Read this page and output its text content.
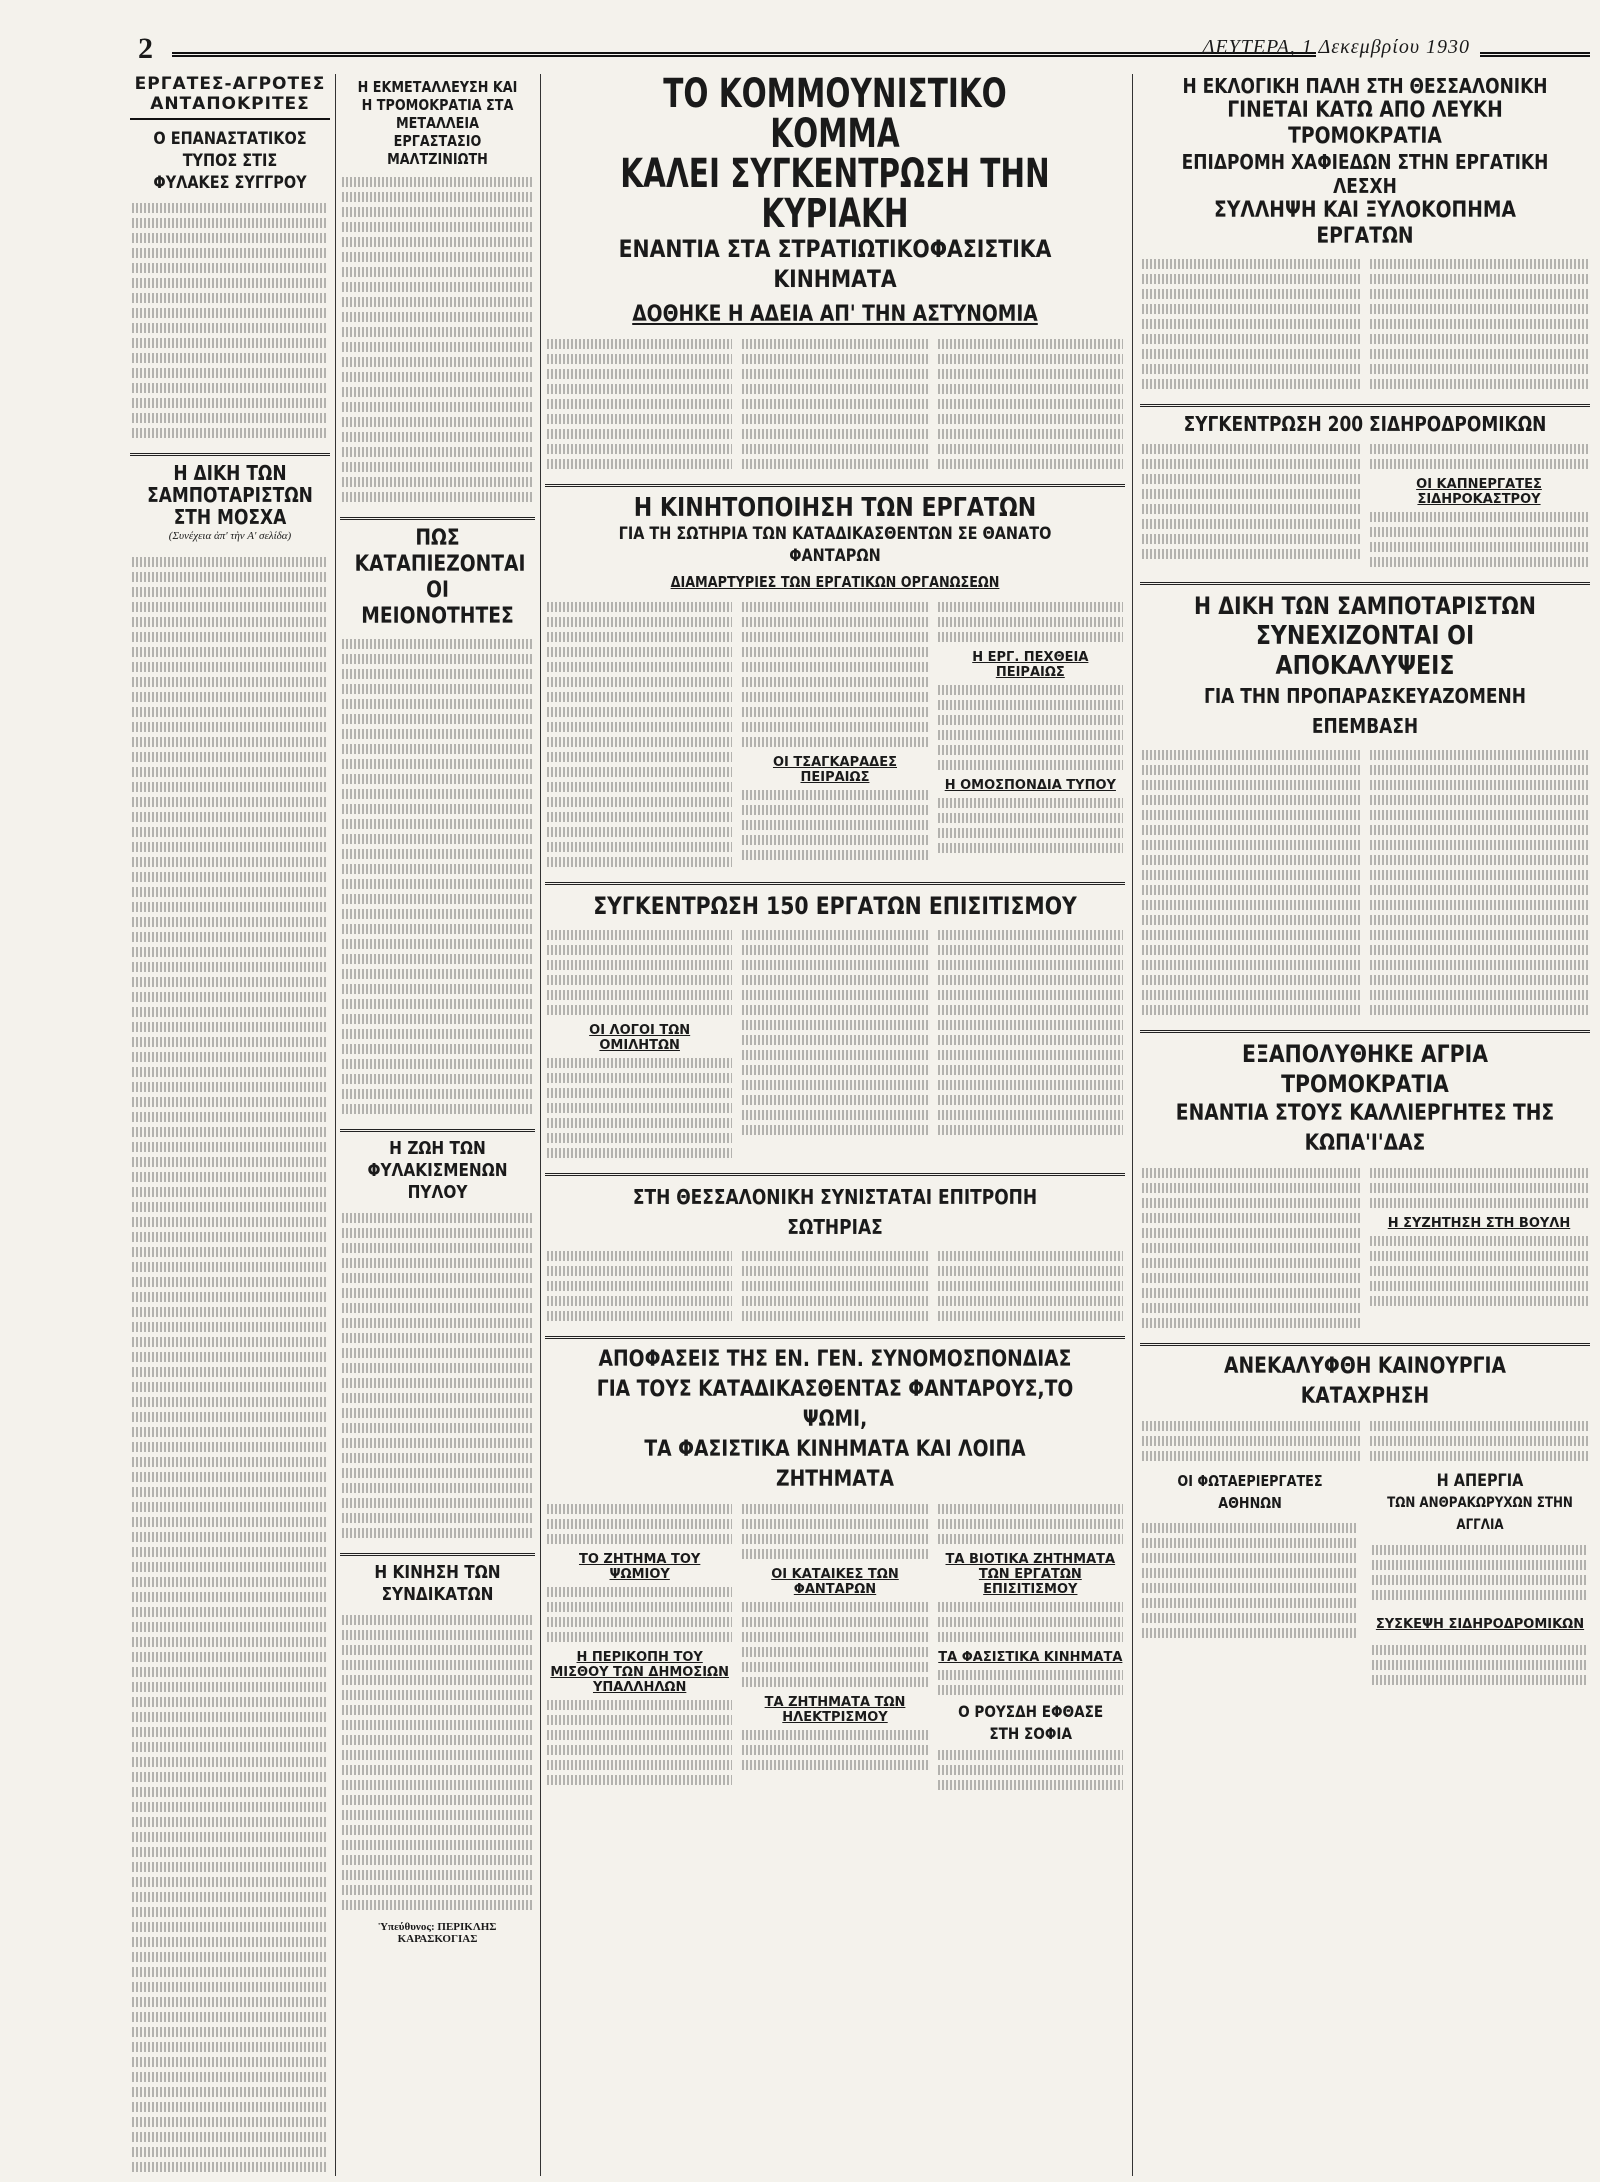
2	ΔΕΥΤΕΡΑ, 1 Δεκεμβρίου 1930
ΕΡΓΑΤΕΣ-ΑΓΡΟΤΕΣ ΑΝΤΑΠΟΚΡΙΤΕΣ
Ο ΕΠΑΝΑΣΤΑΤΙΚΟΣ ΤΥΠΟΣ ΣΤΙΣ ΦΥΛΑΚΕΣ ΣΥΓΓΡΟΥ
Η ΔΙΚΗ ΤΩΝ ΣΑΜΠΟΤΑΡΙΣΤΩΝ ΣΤΗ ΜΟΣΧΑ
(Συνέχεια ἀπ' τὴν Α' σελίδα)
Η ΕΚΜΕΤΑΛΛΕΥΣΗ ΚΑΙ Η ΤΡΟΜΟΚΡΑΤΙΑ ΣΤΑ ΜΕΤΑΛΛΕΙΑ ΕΡΓΑΣΤΑΣΙΟ ΜΑΛΤΖΙΝΙΩΤΗ
ΠΩΣ ΚΑΤΑΠΙΕΖΟΝΤΑΙ ΟΙ ΜΕΙΟΝΟΤΗΤΕΣ
Η ΖΩΗ ΤΩΝ ΦΥΛΑΚΙΣΜΕΝΩΝ ΠΥΛΟΥ
Η ΚΙΝΗΣΗ ΤΩΝ ΣΥΝΔΙΚΑΤΩΝ
Ὑπεύθυνος: ΠΕΡΙΚΛΗΣ ΚΑΡΑΣΚΟΓΙΑΣ
ΤΟ ΚΟΜΜΟΥΝΙΣΤΙΚΟ ΚΟΜΜΑ
ΚΑΛΕΙ ΣΥΓΚΕΝΤΡΩΣΗ ΤΗΝ ΚΥΡΙΑΚΗ
ΕΝΑΝΤΙΑ ΣΤΑ ΣΤΡΑΤΙΩΤΙΚΟΦΑΣΙΣΤΙΚΑ ΚΙΝΗΜΑΤΑ
ΔΟΘΗΚΕ Η ΑΔΕΙΑ ΑΠ' ΤΗΝ ΑΣΤΥΝΟΜΙΑ
Η ΚΙΝΗΤΟΠΟΙΗΣΗ ΤΩΝ ΕΡΓΑΤΩΝ
ΓΙΑ ΤΗ ΣΩΤΗΡΙΑ ΤΩΝ ΚΑΤΑΔΙΚΑΣΘΕΝΤΩΝ ΣΕ ΘΑΝΑΤΟ ΦΑΝΤΑΡΩΝ
ΔΙΑΜΑΡΤΥΡΙΕΣ ΤΩΝ ΕΡΓΑΤΙΚΩΝ ΟΡΓΑΝΩΣΕΩΝ
ΟΙ ΤΣΑΓΚΑΡΑΔΕΣ ΠΕΙΡΑΙΩΣ
Η ΕΡΓ. ΠΕΧΘΕΙΑ ΠΕΙΡΑΙΩΣ
Η ΟΜΟΣΠΟΝΔΙΑ ΤΥΠΟΥ
ΣΥΓΚΕΝΤΡΩΣΗ 150 ΕΡΓΑΤΩΝ ΕΠΙΣΙΤΙΣΜΟΥ
ΟΙ ΛΟΓΟΙ ΤΩΝ ΟΜΙΛΗΤΩΝ
ΣΤΗ ΘΕΣΣΑΛΟΝΙΚΗ ΣΥΝΙΣΤΑΤΑΙ ΕΠΙΤΡΟΠΗ ΣΩΤΗΡΙΑΣ
ΑΠΟΦΑΣΕΙΣ ΤΗΣ ΕΝ. ΓΕΝ. ΣΥΝΟΜΟΣΠΟΝΔΙΑΣ
ΓΙΑ ΤΟΥΣ ΚΑΤΑΔΙΚΑΣΘΕΝΤΑΣ ΦΑΝΤΑΡΟΥΣ,ΤΟ ΨΩΜΙ,
ΤΑ ΦΑΣΙΣΤΙΚΑ ΚΙΝΗΜΑΤΑ ΚΑΙ ΛΟΙΠΑ ΖΗΤΗΜΑΤΑ
ΤΟ ΖΗΤΗΜΑ ΤΟΥ ΨΩΜΙΟΥ
Η ΠΕΡΙΚΟΠΗ ΤΟΥ ΜΙΣΘΟΥ ΤΩΝ ΔΗΜΟΣΙΩΝ ΥΠΑΛΛΗΛΩΝ
ΟΙ ΚΑΤΑΙΚΕΣ ΤΩΝ ΦΑΝΤΑΡΩΝ
ΤΑ ΖΗΤΗΜΑΤΑ ΤΩΝ ΗΛΕΚΤΡΙΣΜΟΥ
ΤΑ ΒΙΟΤΙΚΑ ΖΗΤΗΜΑΤΑ ΤΩΝ ΕΡΓΑΤΩΝ ΕΠΙΣΙΤΙΣΜΟΥ
ΤΑ ΦΑΣΙΣΤΙΚΑ ΚΙΝΗΜΑΤΑ
Ο ΡΟΥΣΔΗ ΕΦΘΑΣΕ ΣΤΗ ΣΟΦΙΑ
Η ΕΚΛΟΓΙΚΗ ΠΑΛΗ ΣΤΗ ΘΕΣΣΑΛΟΝΙΚΗ
ΓΙΝΕΤΑΙ ΚΑΤΩ ΑΠΟ ΛΕΥΚΗ ΤΡΟΜΟΚΡΑΤΙΑ
ΕΠΙΔΡΟΜΗ ΧΑΦΙΕΔΩΝ ΣΤΗΝ ΕΡΓΑΤΙΚΗ ΛΕΣΧΗ
ΣΥΛΛΗΨΗ ΚΑΙ ΞΥΛΟΚΟΠΗΜΑ ΕΡΓΑΤΩΝ
ΣΥΓΚΕΝΤΡΩΣΗ 200 ΣΙΔΗΡΟΔΡΟΜΙΚΩΝ
ΟΙ ΚΑΠΝΕΡΓΑΤΕΣ ΣΙΔΗΡΟΚΑΣΤΡΟΥ
Η ΔΙΚΗ ΤΩΝ ΣΑΜΠΟΤΑΡΙΣΤΩΝ
ΣΥΝΕΧΙΖΟΝΤΑΙ ΟΙ ΑΠΟΚΑΛΥΨΕΙΣ
ΓΙΑ ΤΗΝ ΠΡΟΠΑΡΑΣΚΕΥΑΖΟΜΕΝΗ ΕΠΕΜΒΑΣΗ
ΕΞΑΠΟΛΥΘΗΚΕ ΑΓΡΙΑ ΤΡΟΜΟΚΡΑΤΙΑ
ΕΝΑΝΤΙΑ ΣΤΟΥΣ ΚΑΛΛΙΕΡΓΗΤΕΣ ΤΗΣ ΚΩΠΑ'Ι'ΔΑΣ
Η ΣΥΖΗΤΗΣΗ ΣΤΗ ΒΟΥΛΗ
ΑΝΕΚΑΛΥΦΘΗ ΚΑΙΝΟΥΡΓΙΑ ΚΑΤΑΧΡΗΣΗ
ΟΙ ΦΩΤΑΕΡΙΕΡΓΑΤΕΣ ΑΘΗΝΩΝ
Η ΑΠΕΡΓΙΑ
ΤΩΝ ΑΝΘΡΑΚΩΡΥΧΩΝ ΣΤΗΝ ΑΓΓΛΙΑ
ΣΥΣΚΕΨΗ ΣΙΔΗΡΟΔΡΟΜΙΚΩΝ
